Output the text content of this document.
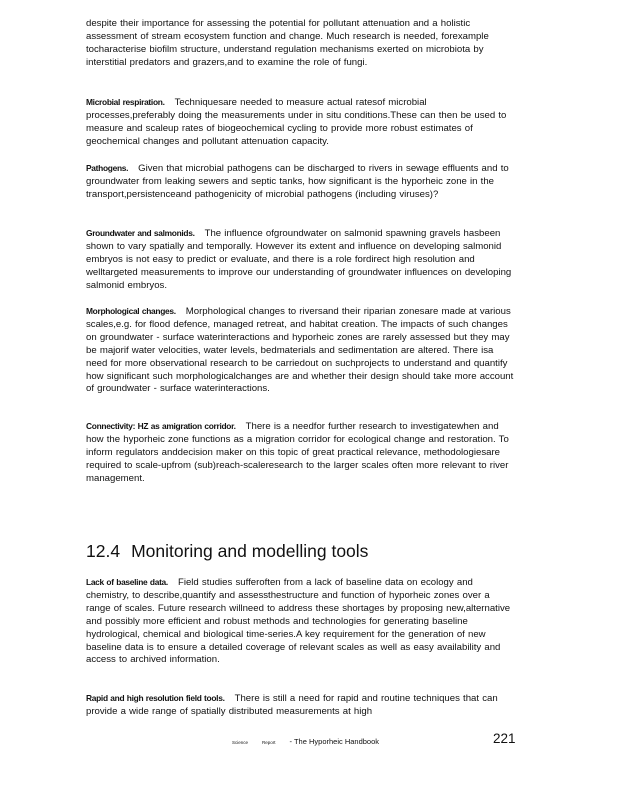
despite their importance for assessing the potential for pollutant attenuation and a holistic assessment of stream ecosystem function and change. Much research is needed, forexample tocharacterise biofilm structure, understand regulation mechanisms exerted on microbiota by interstitial predators and grazers,and to examine the role of fungi.

Microbial respiration. Techniquesare needed to measure actual ratesof microbial processes,preferably doing the measurements under in situ conditions.These can then be used to measure and scaleup rates of biogeochemical cycling to provide more robust estimates of geochemical changes and pollutant attenuation capacity.

Pathogens. Given that microbial pathogens can be discharged to rivers in sewage effluents and to groundwater from leaking sewers and septic tanks, how significant is the hyporheic zone in the transport,persistenceand pathogenicity of microbial pathogens (including viruses)?

Groundwater and salmonids. The influence ofgroundwater on salmonid spawning gravels hasbeen shown to vary spatially and temporally. However its extent and influence on developing salmonid embryos is not easy to predict or evaluate, and there is a role fordirect high resolution and welltargeted measurements to improve our understanding of groundwater influences on developing salmonid embryos.

Morphological changes. Morphological changes to riversand their riparian zonesare made at various scales,e.g. for flood defence, managed retreat, and habitat creation. The impacts of such changes on groundwater - surface waterinteractions and hyporheic zones are rarely assessed but they may be majorif water velocities, water levels, bedmaterials and sedimentation are altered. There isa need for more observational research to be carriedout on suchprojects to understand and quantify how significant such morphologicalchanges are and whether their design should take more account of groundwater - surface waterinteractions.

Connectivity: HZ as amigration corridor. There is a needfor further research to investigatewhen and how the hyporheic zone functions as a migration corridor for ecological change and restoration. To inform regulators anddecision maker on this topic of great practical relevance, methodologiesare required to scale-upfrom (sub)reach-scaleresearch to the larger scales often more relevant to river management.

12.4 Monitoring and modelling tools

Lack of baseline data. Field studies sufferoften from a lack of baseline data on ecology and chemistry, to describe,quantify and assessthestructure and function of hyporheic zones over a range of scales. Future research willneed to address these shortages by proposing new,alternative and possibly more efficient and robust methods and technologies for generating baseline hydrological, chemical and biological time-series.A key requirement for the generation of new baseline data is to ensure a detailed coverage of relevant scales as well as easy availability and access to archived information.

Rapid and high resolution field tools. There is still a need for rapid and routine techniques that can provide a wide range of spatially distributed measurements at high

Science	Report - The Hyporheic Handbook	221
